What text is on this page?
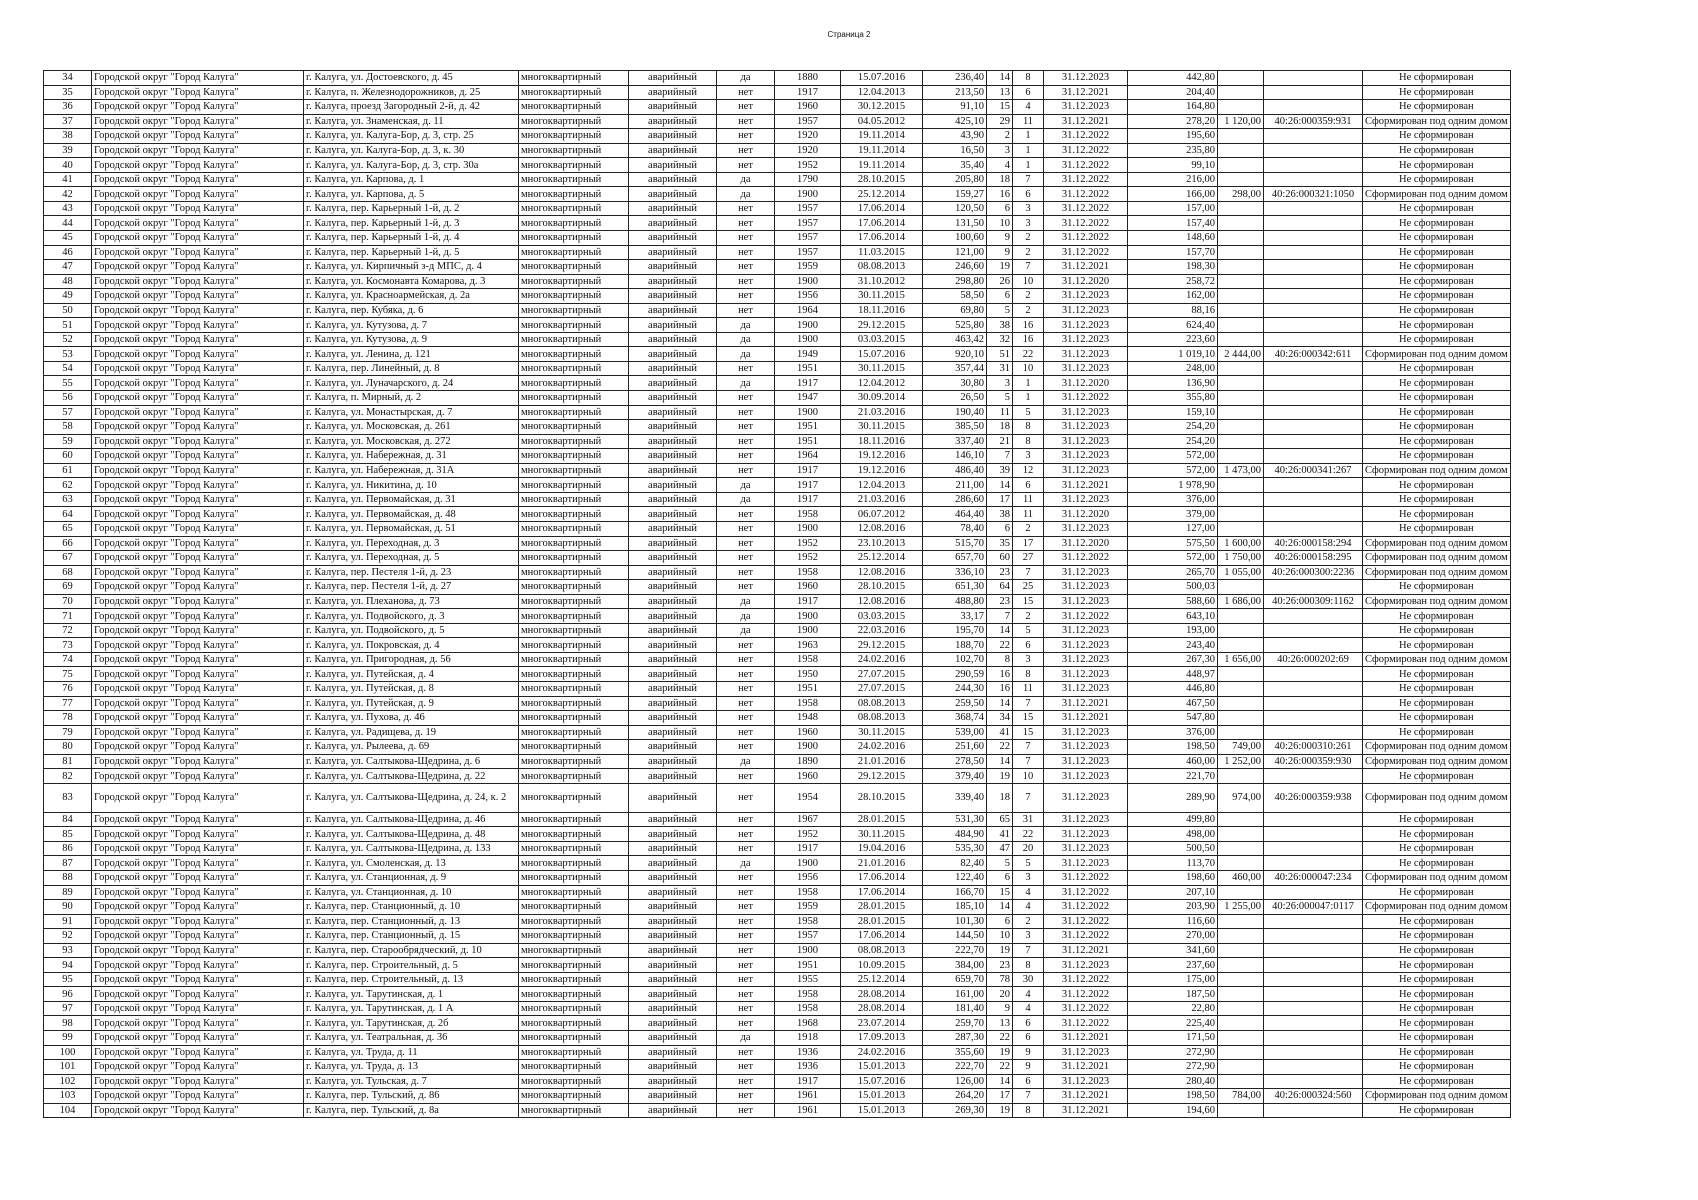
Страница 2
34	Городской округ "Город Калуга"	г. Калуга, ул. Достоевского, д. 45	многоквартирный	аварийный	да	1880	15.07.2016	236,40	14	8	31.12.2023	442,80			Не сформирован
35	Городской округ "Город Калуга"	г. Калуга, п. Железнодорожников, д. 25	многоквартирный	аварийный	нет	1917	12.04.2013	213,50	13	6	31.12.2021	204,40			Не сформирован
36	Городской округ "Город Калуга"	г. Калуга, проезд Загородный 2-й, д. 42	многоквартирный	аварийный	нет	1960	30.12.2015	91,10	15	4	31.12.2023	164,80			Не сформирован
37	Городской округ "Город Калуга"	г. Калуга, ул. Знаменская, д. 11	многоквартирный	аварийный	нет	1957	04.05.2012	425,10	29	11	31.12.2021	278,20	1 120,00	40:26:000359:931	Сформирован под одним домом
38	Городской округ "Город Калуга"	г. Калуга, ул. Калуга-Бор, д. 3, стр. 25	многоквартирный	аварийный	нет	1920	19.11.2014	43,90	2	1	31.12.2022	195,60			Не сформирован
39	Городской округ "Город Калуга"	г. Калуга, ул. Калуга-Бор, д. 3, к. 30	многоквартирный	аварийный	нет	1920	19.11.2014	16,50	3	1	31.12.2022	235,80			Не сформирован
40	Городской округ "Город Калуга"	г. Калуга, ул. Калуга-Бор, д. 3, стр. 30а	многоквартирный	аварийный	нет	1952	19.11.2014	35,40	4	1	31.12.2022	99,10			Не сформирован
41	Городской округ "Город Калуга"	г. Калуга, ул. Карпова, д. 1	многоквартирный	аварийный	да	1790	28.10.2015	205,80	18	7	31.12.2022	216,00			Не сформирован
42	Городской округ "Город Калуга"	г. Калуга, ул. Карпова, д. 5	многоквартирный	аварийный	да	1900	25.12.2014	159,27	16	6	31.12.2022	166,00	298,00	40:26:000321:1050	Сформирован под одним домом
43	Городской округ "Город Калуга"	г. Калуга, пер. Карьерный 1-й, д. 2	многоквартирный	аварийный	нет	1957	17.06.2014	120,50	6	3	31.12.2022	157,00			Не сформирован
44	Городской округ "Город Калуга"	г. Калуга, пер. Карьерный 1-й, д. 3	многоквартирный	аварийный	нет	1957	17.06.2014	131,50	10	3	31.12.2022	157,40			Не сформирован
45	Городской округ "Город Калуга"	г. Калуга, пер. Карьерный 1-й, д. 4	многоквартирный	аварийный	нет	1957	17.06.2014	100,60	9	2	31.12.2022	148,60			Не сформирован
46	Городской округ "Город Калуга"	г. Калуга, пер. Карьерный 1-й, д. 5	многоквартирный	аварийный	нет	1957	11.03.2015	121,00	9	2	31.12.2022	157,70			Не сформирован
47	Городской округ "Город Калуга"	г. Калуга, ул. Кирпичный з-д МПС, д. 4	многоквартирный	аварийный	нет	1959	08.08.2013	246,60	19	7	31.12.2021	198,30			Не сформирован
48	Городской округ "Город Калуга"	г. Калуга, ул. Космонавта Комарова, д. 3	многоквартирный	аварийный	нет	1900	31.10.2012	298,80	26	10	31.12.2020	258,72			Не сформирован
49	Городской округ "Город Калуга"	г. Калуга, ул. Красноармейская, д. 2а	многоквартирный	аварийный	нет	1956	30.11.2015	58,50	6	2	31.12.2023	162,00			Не сформирован
50	Городской округ "Город Калуга"	г. Калуга, пер. Кубяка, д. 6	многоквартирный	аварийный	нет	1964	18.11.2016	69,80	5	2	31.12.2023	88,16			Не сформирован
51	Городской округ "Город Калуга"	г. Калуга, ул. Кутузова, д. 7	многоквартирный	аварийный	да	1900	29.12.2015	525,80	38	16	31.12.2023	624,40			Не сформирован
52	Городской округ "Город Калуга"	г. Калуга, ул. Кутузова, д. 9	многоквартирный	аварийный	да	1900	03.03.2015	463,42	32	16	31.12.2023	223,60			Не сформирован
53	Городской округ "Город Калуга"	г. Калуга, ул. Ленина, д. 121	многоквартирный	аварийный	да	1949	15.07.2016	920,10	51	22	31.12.2023	1 019,10	2 444,00	40:26:000342:611	Сформирован под одним домом
54	Городской округ "Город Калуга"	г. Калуга, пер. Линейный, д. 8	многоквартирный	аварийный	нет	1951	30.11.2015	357,44	31	10	31.12.2023	248,00			Не сформирован
55	Городской округ "Город Калуга"	г. Калуга, ул. Луначарского, д. 24	многоквартирный	аварийный	да	1917	12.04.2012	30,80	3	1	31.12.2020	136,90			Не сформирован
56	Городской округ "Город Калуга"	г. Калуга, п. Мирный, д. 2	многоквартирный	аварийный	нет	1947	30.09.2014	26,50	5	1	31.12.2022	355,80			Не сформирован
57	Городской округ "Город Калуга"	г. Калуга, ул. Монастырская, д. 7	многоквартирный	аварийный	нет	1900	21.03.2016	190,40	11	5	31.12.2023	159,10			Не сформирован
58	Городской округ "Город Калуга"	г. Калуга, ул. Московская, д. 261	многоквартирный	аварийный	нет	1951	30.11.2015	385,50	18	8	31.12.2023	254,20			Не сформирован
59	Городской округ "Город Калуга"	г. Калуга, ул. Московская, д. 272	многоквартирный	аварийный	нет	1951	18.11.2016	337,40	21	8	31.12.2023	254,20			Не сформирован
60	Городской округ "Город Калуга"	г. Калуга, ул. Набережная, д. 31	многоквартирный	аварийный	нет	1964	19.12.2016	146,10	7	3	31.12.2023	572,00			Не сформирован
61	Городской округ "Город Калуга"	г. Калуга, ул. Набережная, д. 31А	многоквартирный	аварийный	нет	1917	19.12.2016	486,40	39	12	31.12.2023	572,00	1 473,00	40:26:000341:267	Сформирован под одним домом
62	Городской округ "Город Калуга"	г. Калуга, ул. Никитина, д. 10	многоквартирный	аварийный	да	1917	12.04.2013	211,00	14	6	31.12.2021	1 978,90			Не сформирован
63	Городской округ "Город Калуга"	г. Калуга, ул. Первомайская, д. 31	многоквартирный	аварийный	да	1917	21.03.2016	286,60	17	11	31.12.2023	376,00			Не сформирован
64	Городской округ "Город Калуга"	г. Калуга, ул. Первомайская, д. 48	многоквартирный	аварийный	нет	1958	06.07.2012	464,40	38	11	31.12.2020	379,00			Не сформирован
65	Городской округ "Город Калуга"	г. Калуга, ул. Первомайская, д. 51	многоквартирный	аварийный	нет	1900	12.08.2016	78,40	6	2	31.12.2023	127,00			Не сформирован
66	Городской округ "Город Калуга"	г. Калуга, ул. Переходная, д. 3	многоквартирный	аварийный	нет	1952	23.10.2013	515,70	35	17	31.12.2020	575,50	1 600,00	40:26:000158:294	Сформирован под одним домом
67	Городской округ "Город Калуга"	г. Калуга, ул. Переходная, д. 5	многоквартирный	аварийный	нет	1952	25.12.2014	657,70	60	27	31.12.2022	572,00	1 750,00	40:26:000158:295	Сформирован под одним домом
68	Городской округ "Город Калуга"	г. Калуга, пер. Пестеля 1-й, д. 23	многоквартирный	аварийный	нет	1958	12.08.2016	336,10	23	7	31.12.2023	265,70	1 055,00	40:26:000300:2236	Сформирован под одним домом
69	Городской округ "Город Калуга"	г. Калуга, пер. Пестеля 1-й, д. 27	многоквартирный	аварийный	нет	1960	28.10.2015	651,30	64	25	31.12.2023	500,03			Не сформирован
70	Городской округ "Город Калуга"	г. Калуга, ул. Плеханова, д. 73	многоквартирный	аварийный	да	1917	12.08.2016	488,80	23	15	31.12.2023	588,60	1 686,00	40:26:000309:1162	Сформирован под одним домом
71	Городской округ "Город Калуга"	г. Калуга, ул. Подвойского, д. 3	многоквартирный	аварийный	да	1900	03.03.2015	33,17	7	2	31.12.2022	643,10			Не сформирован
72	Городской округ "Город Калуга"	г. Калуга, ул. Подвойского, д. 5	многоквартирный	аварийный	да	1900	22.03.2016	195,70	14	5	31.12.2023	193,00			Не сформирован
73	Городской округ "Город Калуга"	г. Калуга, ул. Покровская, д. 4	многоквартирный	аварийный	нет	1963	29.12.2015	188,70	22	6	31.12.2023	243,40			Не сформирован
74	Городской округ "Город Калуга"	г. Калуга, ул. Пригородная, д. 56	многоквартирный	аварийный	нет	1958	24.02.2016	102,70	8	3	31.12.2023	267,30	1 656,00	40:26:000202:69	Сформирован под одним домом
75	Городской округ "Город Калуга"	г. Калуга, ул. Путейская, д. 4	многоквартирный	аварийный	нет	1950	27.07.2015	290,59	16	8	31.12.2023	448,97			Не сформирован
76	Городской округ "Город Калуга"	г. Калуга, ул. Путейская, д. 8	многоквартирный	аварийный	нет	1951	27.07.2015	244,30	16	11	31.12.2023	446,80			Не сформирован
77	Городской округ "Город Калуга"	г. Калуга, ул. Путейская, д. 9	многоквартирный	аварийный	нет	1958	08.08.2013	259,50	14	7	31.12.2021	467,50			Не сформирован
78	Городской округ "Город Калуга"	г. Калуга, ул. Пухова, д. 46	многоквартирный	аварийный	нет	1948	08.08.2013	368,74	34	15	31.12.2021	547,80			Не сформирован
79	Городской округ "Город Калуга"	г. Калуга, ул. Радищева, д. 19	многоквартирный	аварийный	нет	1960	30.11.2015	539,00	41	15	31.12.2023	376,00			Не сформирован
80	Городской округ "Город Калуга"	г. Калуга, ул. Рылеева, д. 69	многоквартирный	аварийный	нет	1900	24.02.2016	251,60	22	7	31.12.2023	198,50	749,00	40:26:000310:261	Сформирован под одним домом
81	Городской округ "Город Калуга"	г. Калуга, ул. Салтыкова-Щедрина, д. 6	многоквартирный	аварийный	да	1890	21.01.2016	278,50	14	7	31.12.2023	460,00	1 252,00	40:26:000359:930	Сформирован под одним домом
82	Городской округ "Город Калуга"	г. Калуга, ул. Салтыкова-Щедрина, д. 22	многоквартирный	аварийный	нет	1960	29.12.2015	379,40	19	10	31.12.2023	221,70			Не сформирован
83	Городской округ "Город Калуга"	г. Калуга, ул. Салтыкова-Щедрина, д. 24, к. 2	многоквартирный	аварийный	нет	1954	28.10.2015	339,40	18	7	31.12.2023	289,90	974,00	40:26:000359:938	Сформирован под одним домом
84	Городской округ "Город Калуга"	г. Калуга, ул. Салтыкова-Щедрина, д. 46	многоквартирный	аварийный	нет	1967	28.01.2015	531,30	65	31	31.12.2023	499,80			Не сформирован
85	Городской округ "Город Калуга"	г. Калуга, ул. Салтыкова-Щедрина, д. 48	многоквартирный	аварийный	нет	1952	30.11.2015	484,90	41	22	31.12.2023	498,00			Не сформирован
86	Городской округ "Город Калуга"	г. Калуга, ул. Салтыкова-Щедрина, д. 133	многоквартирный	аварийный	нет	1917	19.04.2016	535,30	47	20	31.12.2023	500,50			Не сформирован
87	Городской округ "Город Калуга"	г. Калуга, ул. Смоленская, д. 13	многоквартирный	аварийный	да	1900	21.01.2016	82,40	5	5	31.12.2023	113,70			Не сформирован
88	Городской округ "Город Калуга"	г. Калуга, ул. Станционная, д. 9	многоквартирный	аварийный	нет	1956	17.06.2014	122,40	6	3	31.12.2022	198,60	460,00	40:26:000047:234	Сформирован под одним домом
89	Городской округ "Город Калуга"	г. Калуга, ул. Станционная, д. 10	многоквартирный	аварийный	нет	1958	17.06.2014	166,70	15	4	31.12.2022	207,10			Не сформирован
90	Городской округ "Город Калуга"	г. Калуга, пер. Станционный, д. 10	многоквартирный	аварийный	нет	1959	28.01.2015	185,10	14	4	31.12.2022	203,90	1 255,00	40:26:000047:0117	Сформирован под одним домом
91	Городской округ "Город Калуга"	г. Калуга, пер. Станционный, д. 13	многоквартирный	аварийный	нет	1958	28.01.2015	101,30	6	2	31.12.2022	116,60			Не сформирован
92	Городской округ "Город Калуга"	г. Калуга, пер. Станционный, д. 15	многоквартирный	аварийный	нет	1957	17.06.2014	144,50	10	3	31.12.2022	270,00			Не сформирован
93	Городской округ "Город Калуга"	г. Калуга, пер. Старообрядческий, д. 10	многоквартирный	аварийный	нет	1900	08.08.2013	222,70	19	7	31.12.2021	341,60			Не сформирован
94	Городской округ "Город Калуга"	г. Калуга, пер. Строительный, д. 5	многоквартирный	аварийный	нет	1951	10.09.2015	384,00	23	8	31.12.2023	237,60			Не сформирован
95	Городской округ "Город Калуга"	г. Калуга, пер. Строительный, д. 13	многоквартирный	аварийный	нет	1955	25.12.2014	659,70	78	30	31.12.2022	175,00			Не сформирован
96	Городской округ "Город Калуга"	г. Калуга, ул. Тарутинская, д. 1	многоквартирный	аварийный	нет	1958	28.08.2014	161,00	20	4	31.12.2022	187,50			Не сформирован
97	Городской округ "Город Калуга"	г. Калуга, ул. Тарутинская, д. 1 А	многоквартирный	аварийный	нет	1958	28.08.2014	181,40	9	4	31.12.2022	22,80			Не сформирован
98	Городской округ "Город Калуга"	г. Калуга, ул. Тарутинская, д. 2б	многоквартирный	аварийный	нет	1968	23.07.2014	259,70	13	6	31.12.2022	225,40			Не сформирован
99	Городской округ "Город Калуга"	г. Калуга, ул. Театральная, д. 36	многоквартирный	аварийный	да	1918	17.09.2013	287,30	22	6	31.12.2021	171,50			Не сформирован
100	Городской округ "Город Калуга"	г. Калуга, ул. Труда, д. 11	многоквартирный	аварийный	нет	1936	24.02.2016	355,60	19	9	31.12.2023	272,90			Не сформирован
101	Городской округ "Город Калуга"	г. Калуга, ул. Труда, д. 13	многоквартирный	аварийный	нет	1936	15.01.2013	222,70	22	9	31.12.2021	272,90			Не сформирован
102	Городской округ "Город Калуга"	г. Калуга, ул. Тульская, д. 7	многоквартирный	аварийный	нет	1917	15.07.2016	126,00	14	6	31.12.2023	280,40			Не сформирован
103	Городской округ "Город Калуга"	г. Калуга, пер. Тульский, д. 86	многоквартирный	аварийный	нет	1961	15.01.2013	264,20	17	7	31.12.2021	198,50	784,00	40:26:000324:560	Сформирован под одним домом
104	Городской округ "Город Калуга"	г. Калуга, пер. Тульский, д. 8а	многоквартирный	аварийный	нет	1961	15.01.2013	269,30	19	8	31.12.2021	194,60			Не сформирован
